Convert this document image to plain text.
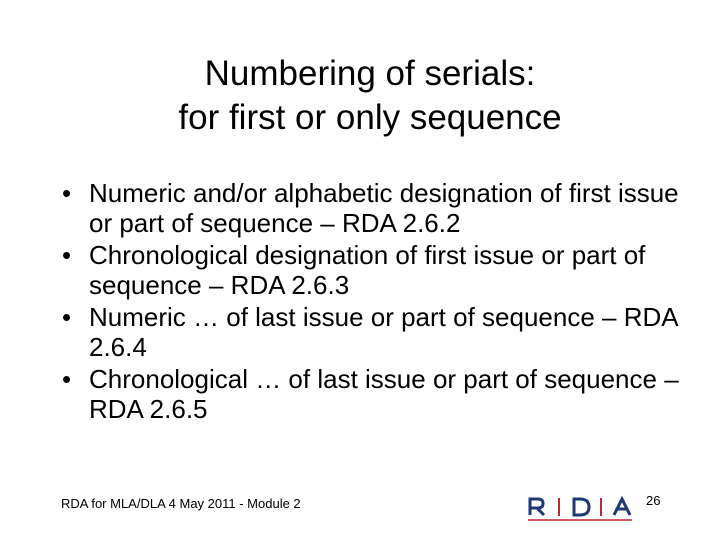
Numbering of serials:
for first or only sequence
• Numeric and/or alphabetic designation of first issue or part of sequence – RDA 2.6.2
• Chronological designation of first issue or part of sequence – RDA 2.6.3
• Numeric … of last issue or part of sequence – RDA 2.6.4
• Chronological … of last issue or part of sequence – RDA 2.6.5
RDA for MLA/DLA 4 May 2011 - Module 2	26
